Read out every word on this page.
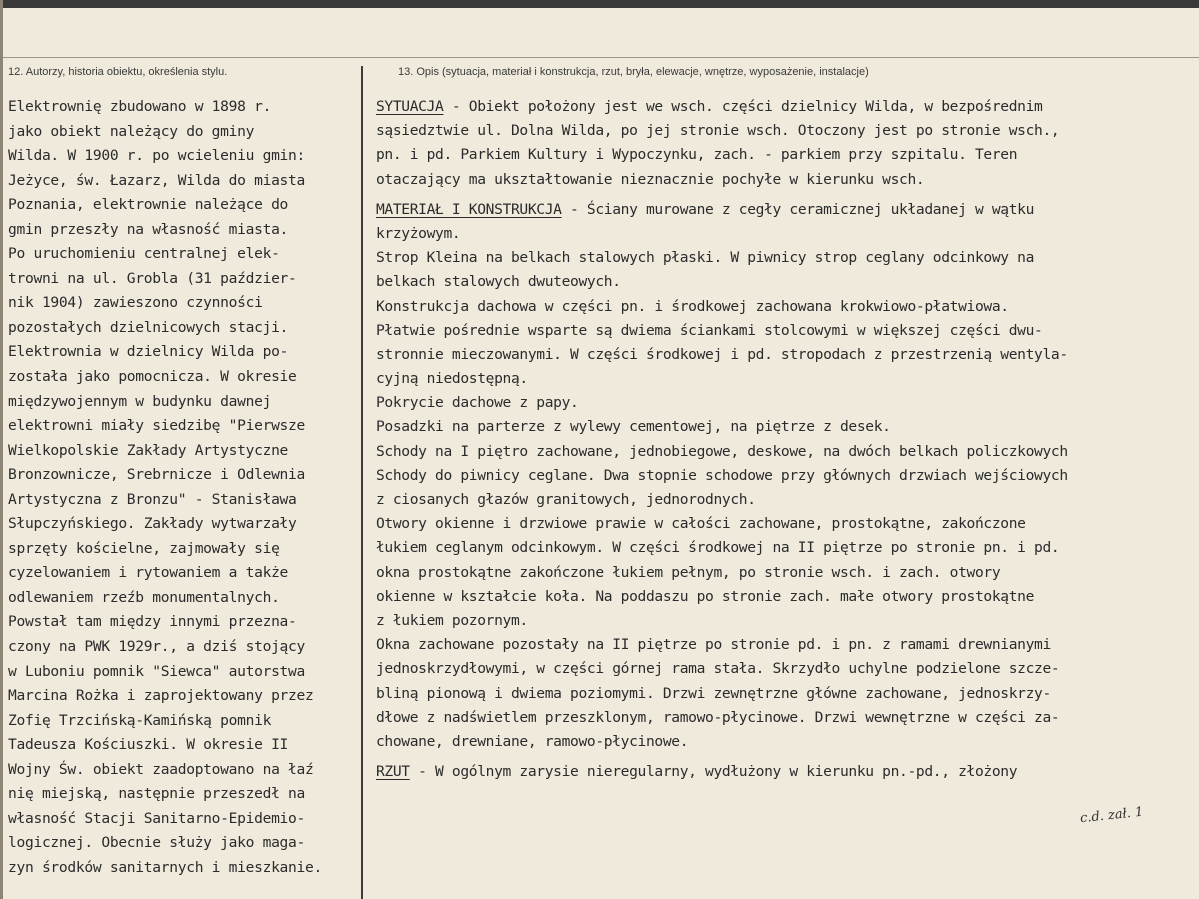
12. Autorzy, historia obiektu, określenia stylu.	13. Opis (sytuacja, materiał i konstrukcja, rzut, bryła, elewacje, wnętrze, wyposażenie, instalacje)
Elektrownię zbudowano w 1898 r.
jako obiekt należący do gminy
Wilda. W 1900 r. po wcieleniu gmin:
Jeżyce, św. Łazarz, Wilda do miasta
Poznania, elektrownie należące do
gmin przeszły na własność miasta.
Po uruchomieniu centralnej elek-
trowni na ul. Grobla (31 paździer-
nik 1904) zawieszono czynności
pozostałych dzielnicowych stacji.
Elektrownia w dzielnicy Wilda po-
została jako pomocnicza. W okresie
międzywojennym w budynku dawnej
elektrowni miały siedzibę "Pierwsze
Wielkopolskie Zakłady Artystyczne
Bronzownicze, Srebrnicze i Odlewnia
Artystyczna z Bronzu" - Stanisława
Słupczyńskiego. Zakłady wytwarzały
sprzęty kościelne, zajmowały się
cyzelowaniem i rytowaniem a także
odlewaniem rzeźb monumentalnych.
Powstał tam między innymi przezna-
czony na PWK 1929r., a dziś stojący
w Luboniu pomnik "Siewca" autorstwa
Marcina Rożka i zaprojektowany przez
Zofię Trzcińską-Kamińską pomnik
Tadeusza Kościuszki. W okresie II
Wojny Św. obiekt zaadoptowano na łaź
nię miejską, następnie przeszedł na
własność Stacji Sanitarno-Epidemio-
logicznej. Obecnie służy jako maga-
zyn środków sanitarnych i mieszkanie.
SYTUACJA - Obiekt położony jest we wsch. części dzielnicy Wilda, w bezpośrednim
sąsiedztwie ul. Dolna Wilda, po jej stronie wsch. Otoczony jest po stronie wsch.,
pn. i pd. Parkiem Kultury i Wypoczynku, zach. - parkiem przy szpitalu. Teren
otaczający ma ukształtowanie nieznacznie pochyłe w kierunku wsch.
MATERIAŁ I KONSTRUKCJA - Ściany murowane z cegły ceramicznej układanej w wątku
krzyżowym.
Strop Kleina na belkach stalowych płaski. W piwnicy strop ceglany odcinkowy na
belkach stalowych dwuteowych.
Konstrukcja dachowa w części pn. i środkowej zachowana krokwiowo-płatwiowa.
Płatwie pośrednie wsparte są dwiema ściankami stolcowymi w większej części dwu-
stronnie mieczowanymi. W części środkowej i pd. stropodach z przestrzenią wentyla-
cyjną niedostępną.
Pokrycie dachowe z papy.
Posadzki na parterze z wylewy cementowej, na piętrze z desek.
Schody na I piętro zachowane, jednobiegowe, deskowe, na dwóch belkach policzkowych
Schody do piwnicy ceglane. Dwa stopnie schodowe przy głównych drzwiach wejściowych
z ciosanych głazów granitowych, jednorodnych.
Otwory okienne i drzwiowe prawie w całości zachowane, prostokątne, zakończone
łukiem ceglanym odcinkowym. W części środkowej na II piętrze po stronie pn. i pd.
okna prostokątne zakończone łukiem pełnym, po stronie wsch. i zach. otwory
okienne w kształcie koła. Na poddaszu po stronie zach. małe otwory prostokątne
z łukiem pozornym.
Okna zachowane pozostały na II piętrze po stronie pd. i pn. z ramami drewnianymi
jednoskrzydłowymi, w części górnej rama stała. Skrzydło uchylne podzielone szcze-
bliną pionową i dwiema poziomymi. Drzwi zewnętrzne główne zachowane, jednoskrzy-
dłowe z nadświetlem przeszklonym, ramowo-płycinowe. Drzwi wewnętrzne w części za-
chowane, drewniane, ramowo-płycinowe.
RZUT - W ogólnym zarysie nieregularny, wydłużony w kierunku pn.-pd., złożony
c.d. zał. 1
